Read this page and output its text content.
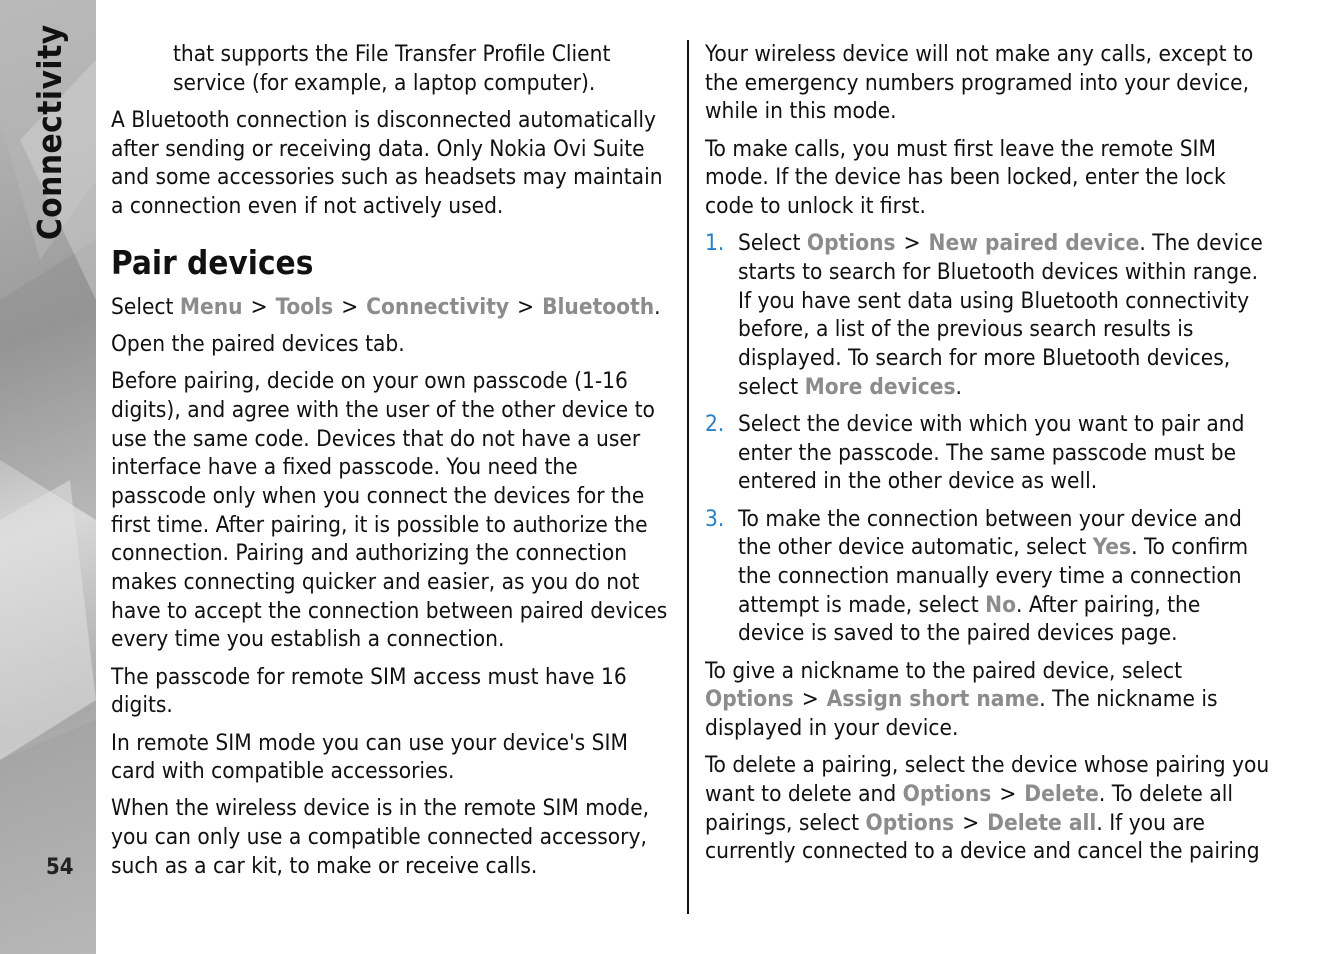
Connectivity
54

that supports the File Transfer Profile Client service (for example, a laptop computer).

A Bluetooth connection is disconnected automatically after sending or receiving data. Only Nokia Ovi Suite and some accessories such as headsets may maintain a connection even if not actively used.

Pair devices

Select Menu > Tools > Connectivity > Bluetooth.

Open the paired devices tab.

Before pairing, decide on your own passcode (1-16 digits), and agree with the user of the other device to use the same code. Devices that do not have a user interface have a fixed passcode. You need the passcode only when you connect the devices for the first time. After pairing, it is possible to authorize the connection. Pairing and authorizing the connection makes connecting quicker and easier, as you do not have to accept the connection between paired devices every time you establish a connection.

The passcode for remote SIM access must have 16 digits.

In remote SIM mode you can use your device's SIM card with compatible accessories.

When the wireless device is in the remote SIM mode, you can only use a compatible connected accessory, such as a car kit, to make or receive calls.

Your wireless device will not make any calls, except to the emergency numbers programed into your device, while in this mode.

To make calls, you must first leave the remote SIM mode. If the device has been locked, enter the lock code to unlock it first.

1. Select Options > New paired device. The device starts to search for Bluetooth devices within range. If you have sent data using Bluetooth connectivity before, a list of the previous search results is displayed. To search for more Bluetooth devices, select More devices.
2. Select the device with which you want to pair and enter the passcode. The same passcode must be entered in the other device as well.
3. To make the connection between your device and the other device automatic, select Yes. To confirm the connection manually every time a connection attempt is made, select No. After pairing, the device is saved to the paired devices page.

To give a nickname to the paired device, select Options > Assign short name. The nickname is displayed in your device.

To delete a pairing, select the device whose pairing you want to delete and Options > Delete. To delete all pairings, select Options > Delete all. If you are currently connected to a device and cancel the pairing
